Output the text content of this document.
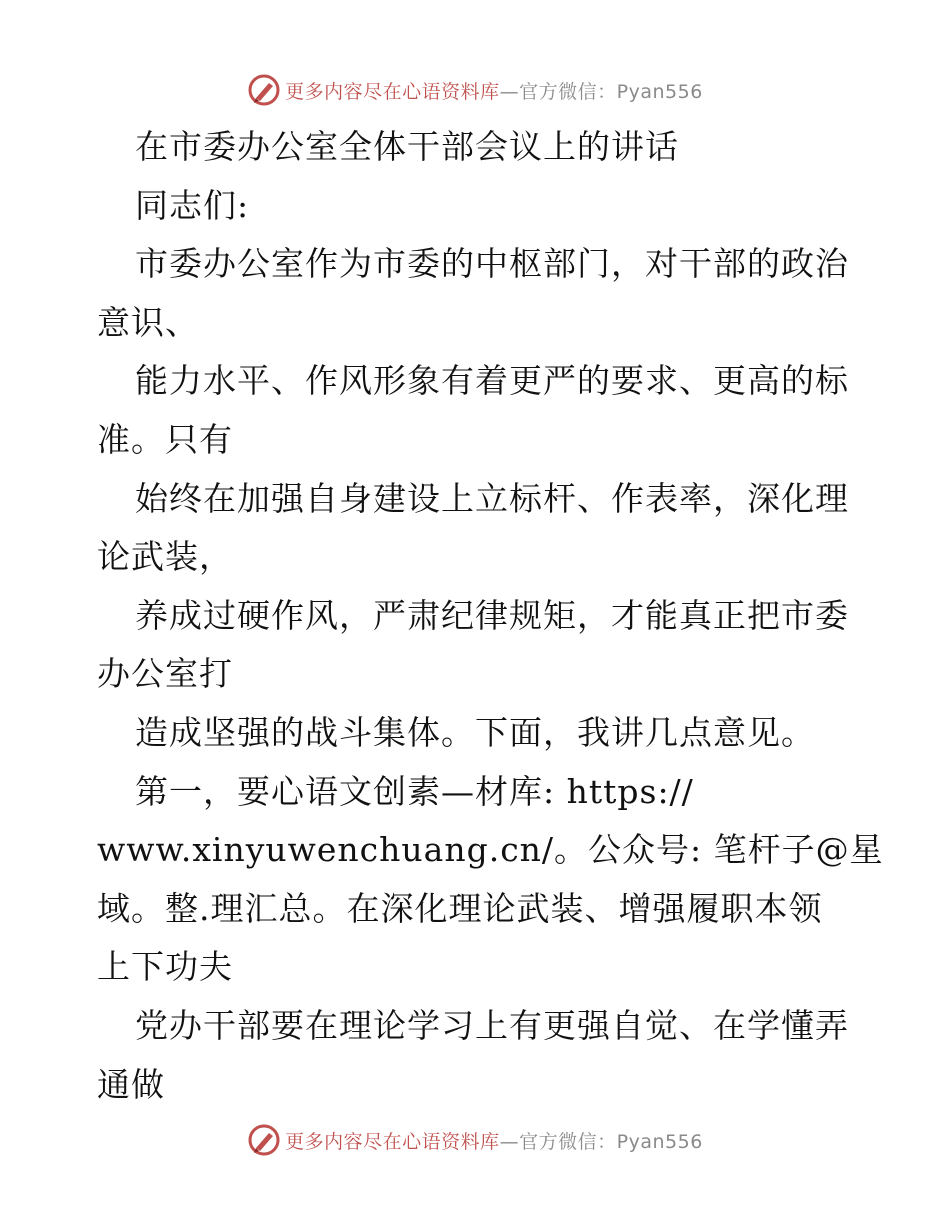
更多内容尽在心语资料库—官方微信：Pyan556
在市委办公室全体干部会议上的讲话
同志们:
市委办公室作为市委的中枢部门，对干部的政治
意识、
能力水平、作风形象有着更严的要求、更高的标
准。只有
始终在加强自身建设上立标杆、作表率，深化理
论武装，
养成过硬作风，严肃纪律规矩，才能真正把市委
办公室打
造成坚强的战斗集体。下面，我讲几点意见。
第一，要心语文创素—材库: https://
www.xinyuwenchuang.cn/。公众号: 笔杆子@星
域。整.理汇总。在深化理论武装、增强履职本领
上下功夫
党办干部要在理论学习上有更强自觉、在学懂弄
通做
更多内容尽在心语资料库—官方微信：Pyan556
